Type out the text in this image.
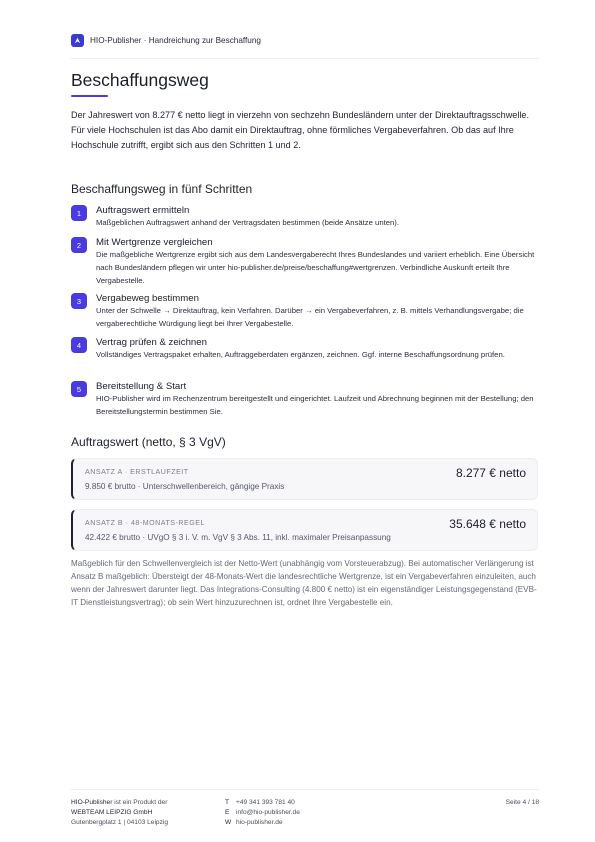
HIO-Publisher · Handreichung zur Beschaffung
Beschaffungsweg

Der Jahreswert von 8.277 € netto liegt in vierzehn von sechzehn Bundesländern unter der Direktauftragsschwelle. Für viele Hochschulen ist das Abo damit ein Direktauftrag, ohne förmliches Vergabeverfahren. Ob das auf Ihre Hochschule zutrifft, ergibt sich aus den Schritten 1 und 2.

Beschaffungsweg in fünf Schritten
1	Auftragswert ermitteln
Maßgeblichen Auftragswert anhand der Vertragsdaten bestimmen (beide Ansätze unten).
2	Mit Wertgrenze vergleichen
Die maßgebliche Wertgrenze ergibt sich aus dem Landesvergaberecht Ihres Bundeslandes und variiert erheblich. Eine Übersicht nach Bundesländern pflegen wir unter hio-publisher.de/preise/beschaffung#wertgrenzen. Verbindliche Auskunft erteilt Ihre Vergabestelle.
3	Vergabeweg bestimmen
Unter der Schwelle → Direktauftrag, kein Verfahren. Darüber → ein Vergabeverfahren, z. B. mittels Verhandlungsvergabe; die vergaberechtliche Würdigung liegt bei Ihrer Vergabestelle.
4	Vertrag prüfen & zeichnen
Vollständiges Vertragspaket erhalten, Auftraggeberdaten ergänzen, zeichnen. Ggf. interne Beschaffungsordnung prüfen.
5	Bereitstellung & Start
HIO-Publisher wird im Rechenzentrum bereitgestellt und eingerichtet. Laufzeit und Abrechnung beginnen mit der Bestellung; den Bereitstellungstermin bestimmen Sie.
Auftragswert (netto, § 3 VgV)
ANSATZ A · ERSTLAUFZEIT
9.850 € brutto · Unterschwellenbereich, gängige Praxis
8.277 € netto
ANSATZ B · 48-MONATS-REGEL
42.422 € brutto · UVgO § 3 i. V. m. VgV § 3 Abs. 11, inkl. maximaler Preisanpassung
35.648 € netto

Maßgeblich für den Schwellenvergleich ist der Netto-Wert (unabhängig vom Vorsteuerabzug). Bei automatischer Verlängerung ist Ansatz B maßgeblich: Übersteigt der 48-Monats-Wert die landesrechtliche Wertgrenze, ist ein Vergabeverfahren einzuleiten, auch wenn der Jahreswert darunter liegt. Das Integrations-Consulting (4.800 € netto) ist ein eigenständiger Leistungsgegenstand (EVB-IT Dienstleistungsvertrag); ob sein Wert hinzuzurechnen ist, ordnet Ihre Vergabestelle ein.

HIO-Publisher ist ein Produkt der
WEBTEAM LEIPZIG GmbH
Gutenbergplatz 1 | 04103 Leipzig
T	+49 341 393 781 40
E info@hio-publisher.de
W hio-publisher.de
Seite 4 / 18
